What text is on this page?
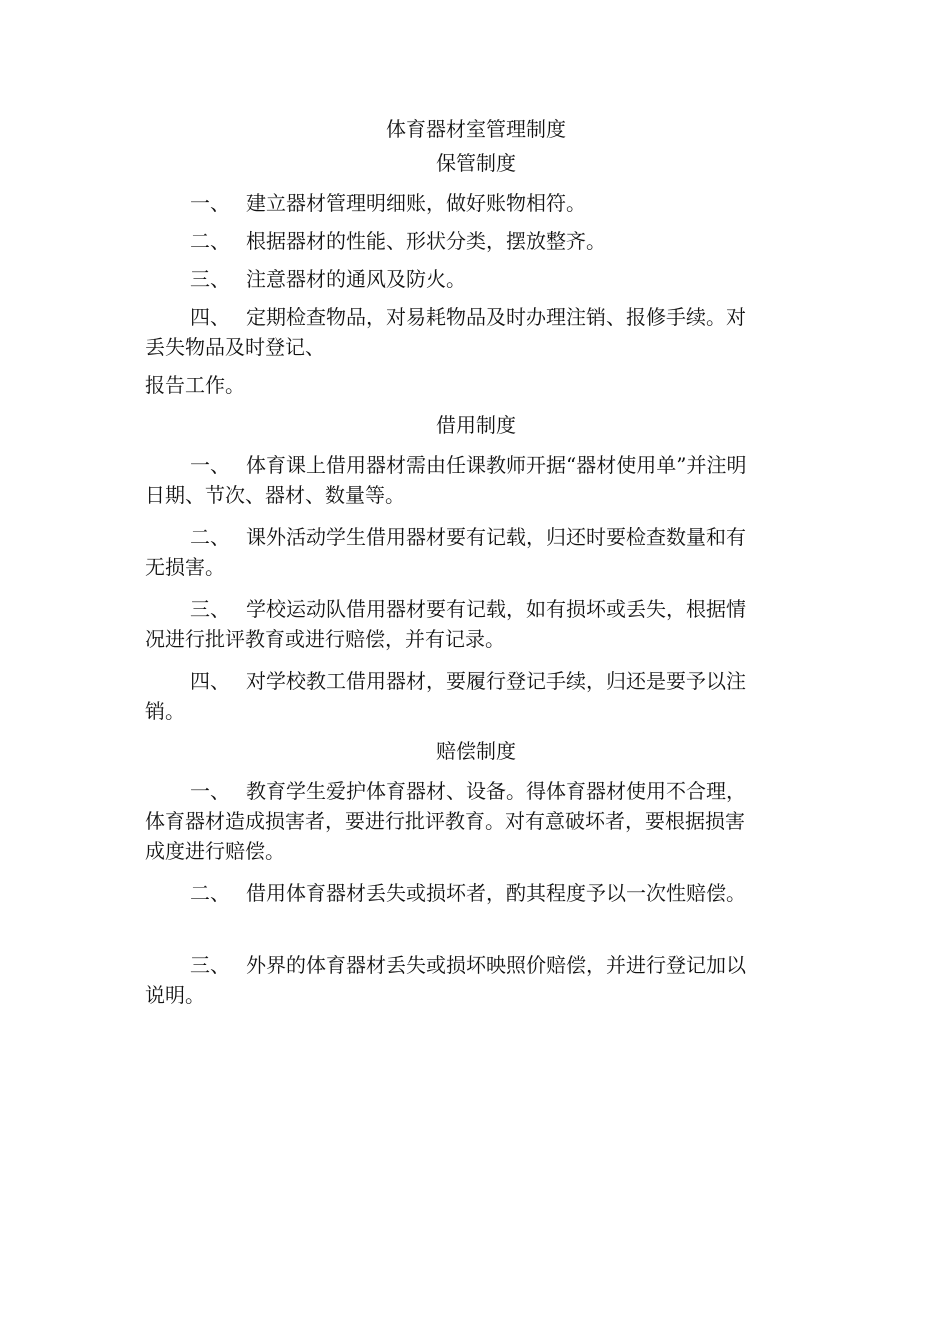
体育器材室管理制度

保管制度

一、 建立器材管理明细账，做好账物相符。

二、 根据器材的性能、形状分类，摆放整齐。

三、 注意器材的通风及防火。

四、 定期检查物品，对易耗物品及时办理注销、报修手续。对

丢失物品及时登记、

报告工作。

借用制度

一、 体育课上借用器材需由任课教师开据“器材使用单”并注明

日期、节次、器材、数量等。

二、 课外活动学生借用器材要有记载，归还时要检查数量和有

无损害。

三、 学校运动队借用器材要有记载，如有损坏或丢失，根据情

况进行批评教育或进行赔偿，并有记录。

四、 对学校教工借用器材，要履行登记手续，归还是要予以注

销。

赔偿制度

一、 教育学生爱护体育器材、设备。得体育器材使用不合理，

体育器材造成损害者，要进行批评教育。对有意破坏者，要根据损害

成度进行赔偿。

二、 借用体育器材丢失或损坏者，酌其程度予以一次性赔偿。

三、 外界的体育器材丢失或损坏映照价赔偿，并进行登记加以

说明。
